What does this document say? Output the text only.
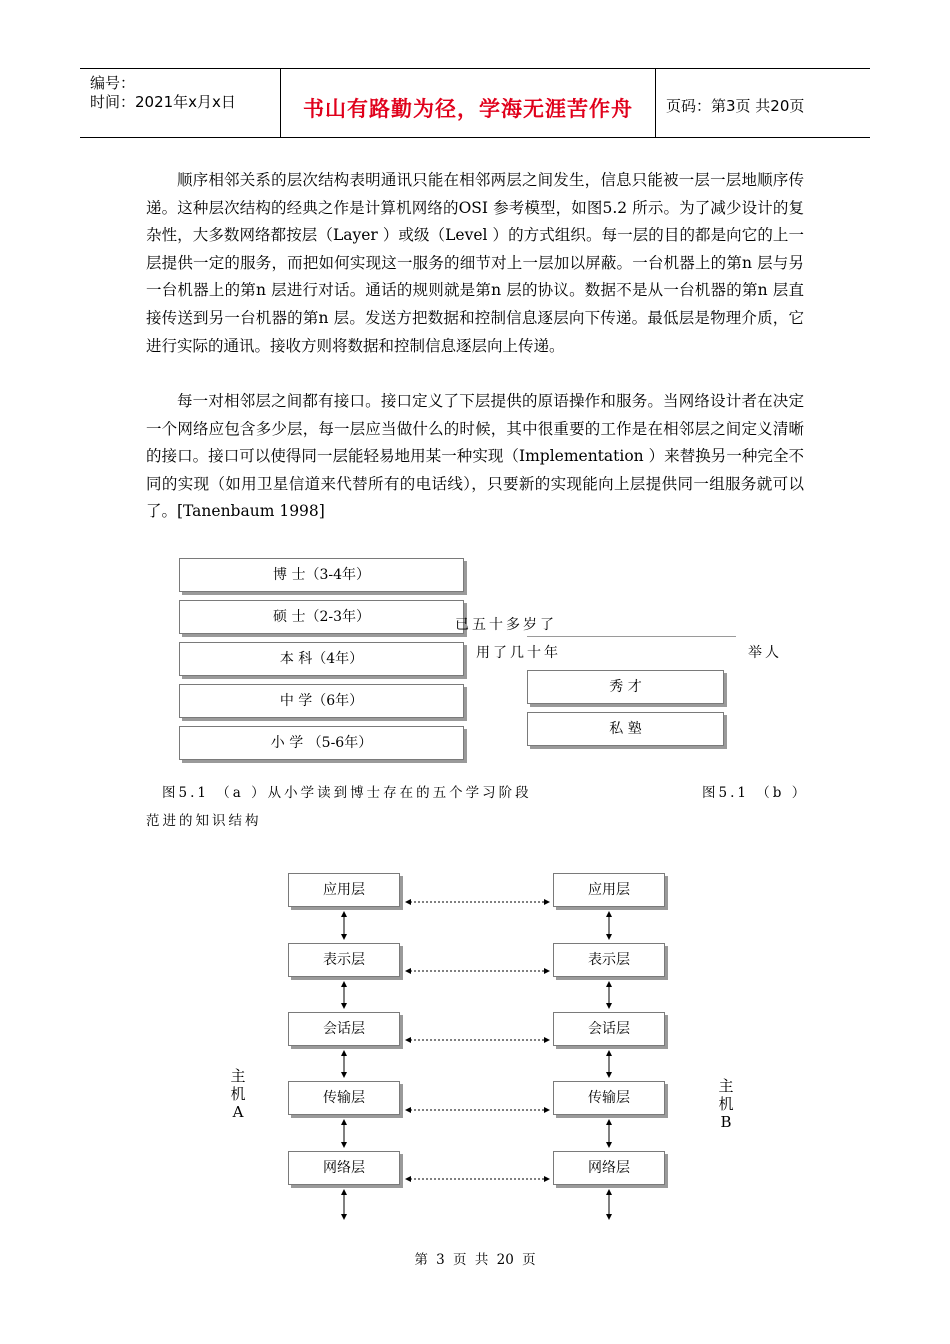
编号：
时间：2021年x月x日	书山有路勤为径，学海无涯苦作舟	页码：第3页 共20页

顺序相邻关系的层次结构表明通讯只能在相邻两层之间发生，信息只能被一层一层地顺序传递。这种层次结构的经典之作是计算机网络的OSI 参考模型，如图5.2 所示。为了减少设计的复杂性，大多数网络都按层（Layer ）或级（Level ）的方式组织。每一层的目的都是向它的上一层提供一定的服务，而把如何实现这一服务的细节对上一层加以屏蔽。一台机器上的第n 层与另一台机器上的第n 层进行对话。通话的规则就是第n 层的协议。数据不是从一台机器的第n 层直接传送到另一台机器的第n 层。发送方把数据和控制信息逐层向下传递。最低层是物理介质，它进行实际的通讯。接收方则将数据和控制信息逐层向上传递。

每一对相邻层之间都有接口。接口定义了下层提供的原语操作和服务。当网络设计者在决定一个网络应包含多少层，每一层应当做什么的时候，其中很重要的工作是在相邻层之间定义清晰的接口。接口可以使得同一层能轻易地用某一种实现（Implementation ）来替换另一种完全不同的实现（如用卫星信道来代替所有的电话线），只要新的实现能向上层提供同一组服务就可以了。[Tanenbaum 1998]

博 士（3-4年）
硕 士（2-3年）
本 科（4年）
中 学（6年）
小 学 （5-6年）
已五十多岁了
用了几十年	举人
秀 才
私 塾
图5.1 （a ）从小学读到博士存在的五个学习阶段	图5.1 （b ）
范进的知识结构
应用层
表示层
会话层
传输层
网络层
应用层
表示层
会话层
传输层
网络层
主
机
A
主
机
B
第 3 页 共 20 页
